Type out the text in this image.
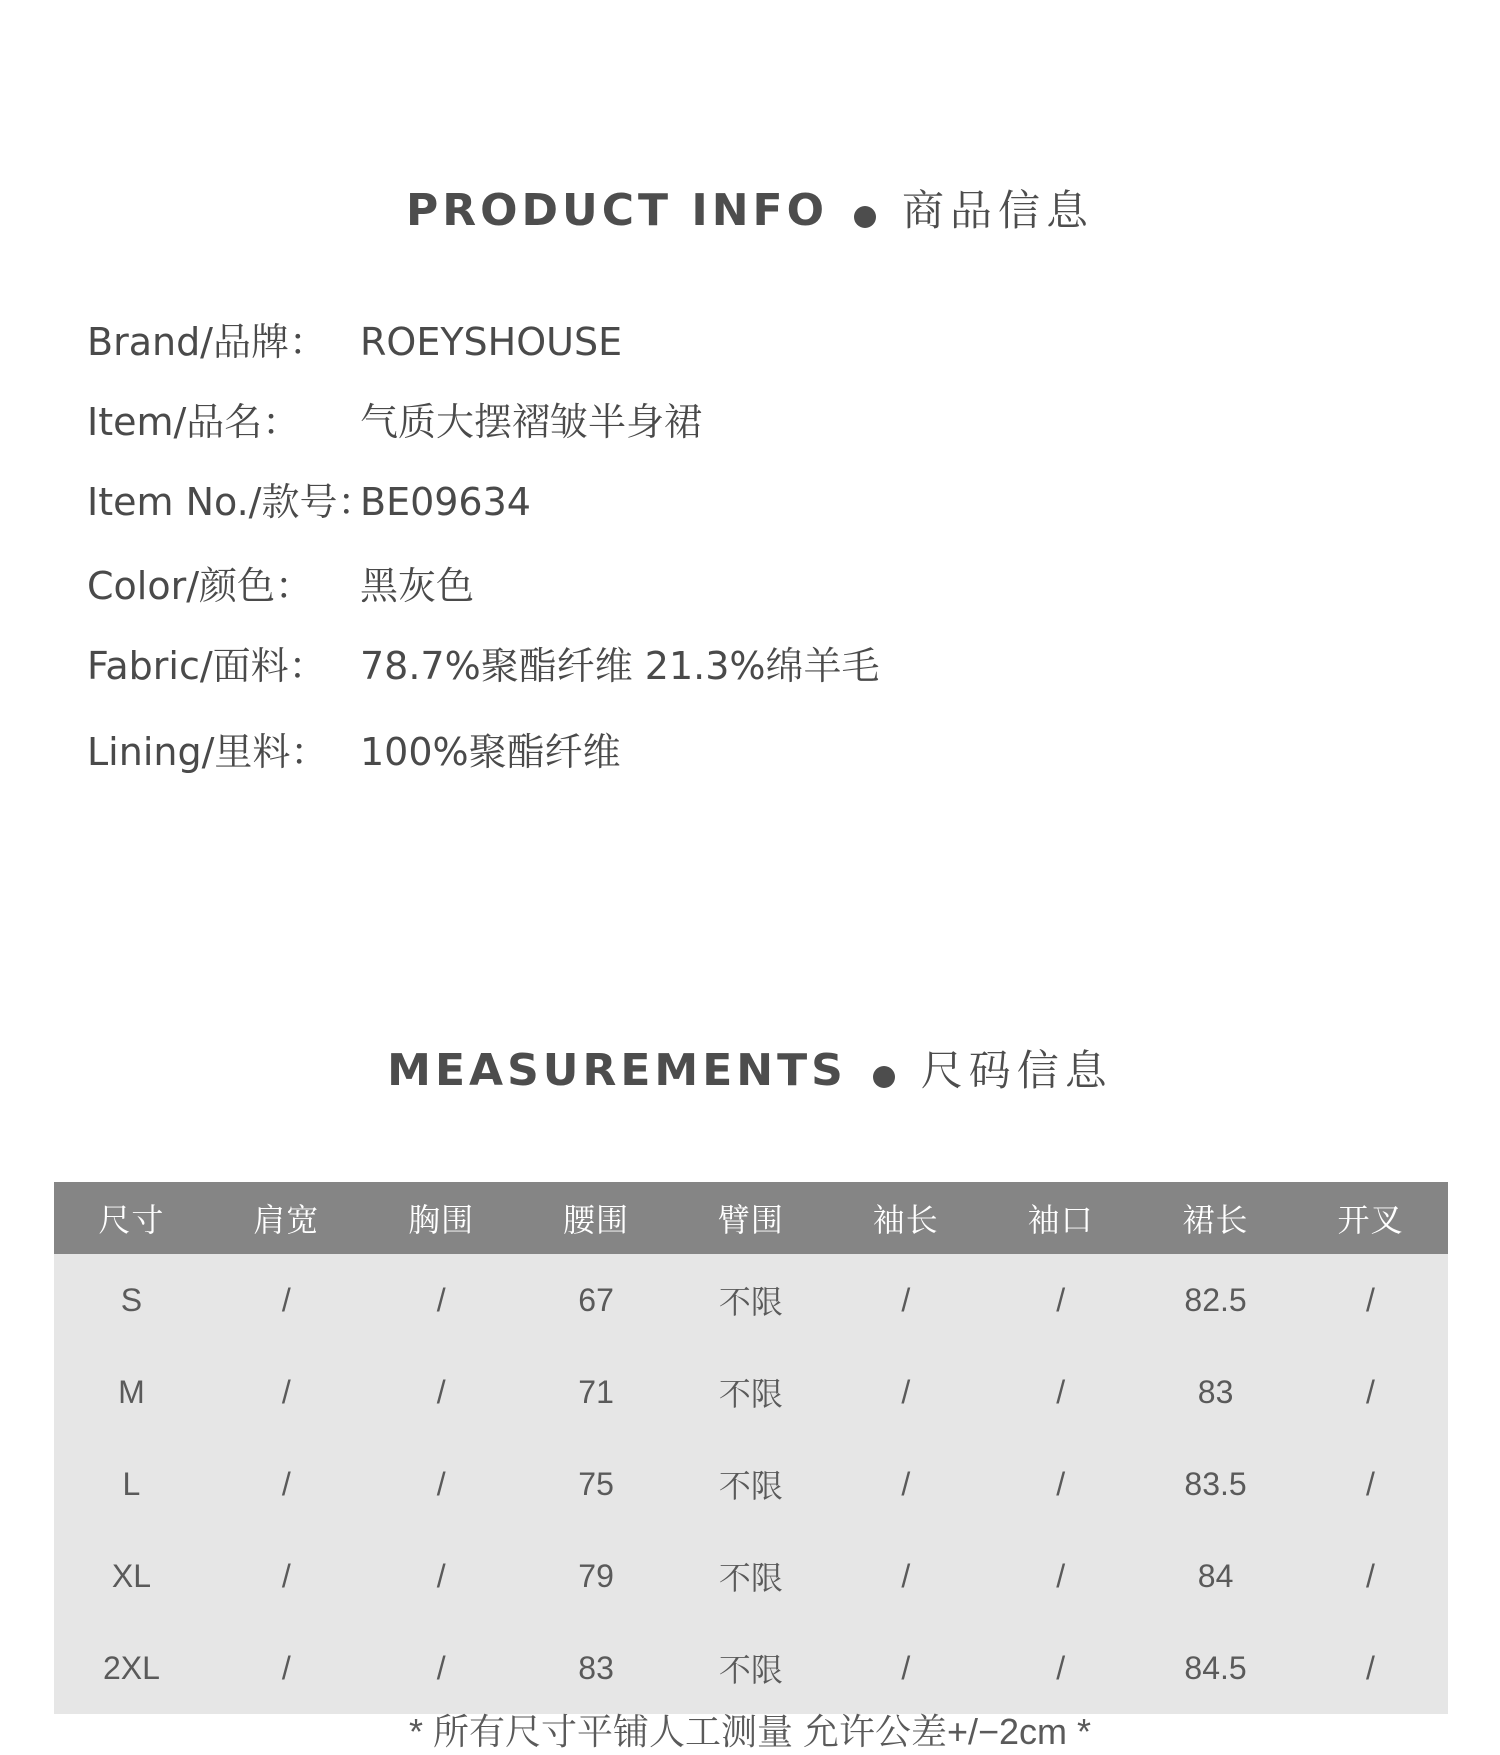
PRODUCT INFO 商品信息
Brand/品牌： ROEYSHOUSE
Item/品名： 气质大摆褶皱半身裙
Item No./款号：BE09634
Color/颜色： 黑灰色
Fabric/面料： 78.7%聚酯纤维 21.3%绵羊毛
Lining/里料： 100%聚酯纤维
MEASUREMENTS 尺码信息
尺寸	肩宽	胸围	腰围	臂围	袖长	袖口	裙长	开叉
S	/	/	67	不限	/	/	82.5	/
M	/	/	71	不限	/	/	83	/
L	/	/	75	不限	/	/	83.5	/
XL	/	/	79	不限	/	/	84	/
2XL	/	/	83	不限	/	/	84.5	/
* 所有尺寸平铺人工测量 允许公差+/−2cm *
